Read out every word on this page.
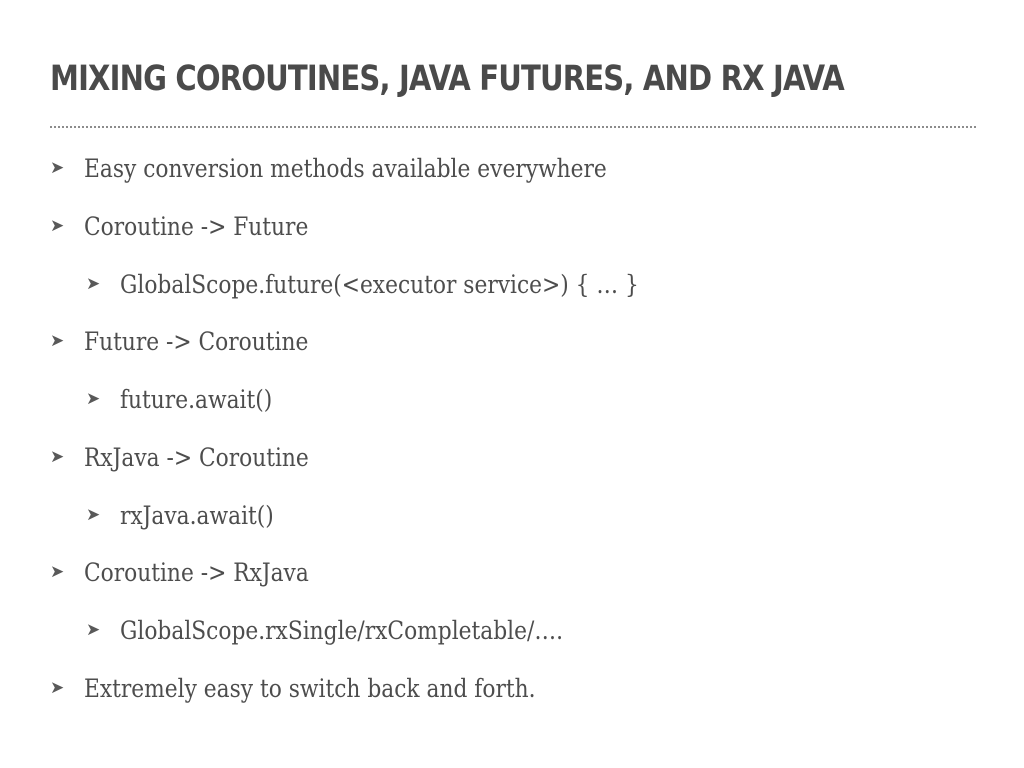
MIXING COROUTINES, JAVA FUTURES, AND RX JAVA
➤ Easy conversion methods available everywhere
➤ Coroutine -> Future
➤ GlobalScope.future(<executor service>) { … }
➤ Future -> Coroutine
➤ future.await()
➤ RxJava -> Coroutine
➤ rxJava.await()
➤ Coroutine -> RxJava
➤ GlobalScope.rxSingle/rxCompletable/….
➤ Extremely easy to switch back and forth.
